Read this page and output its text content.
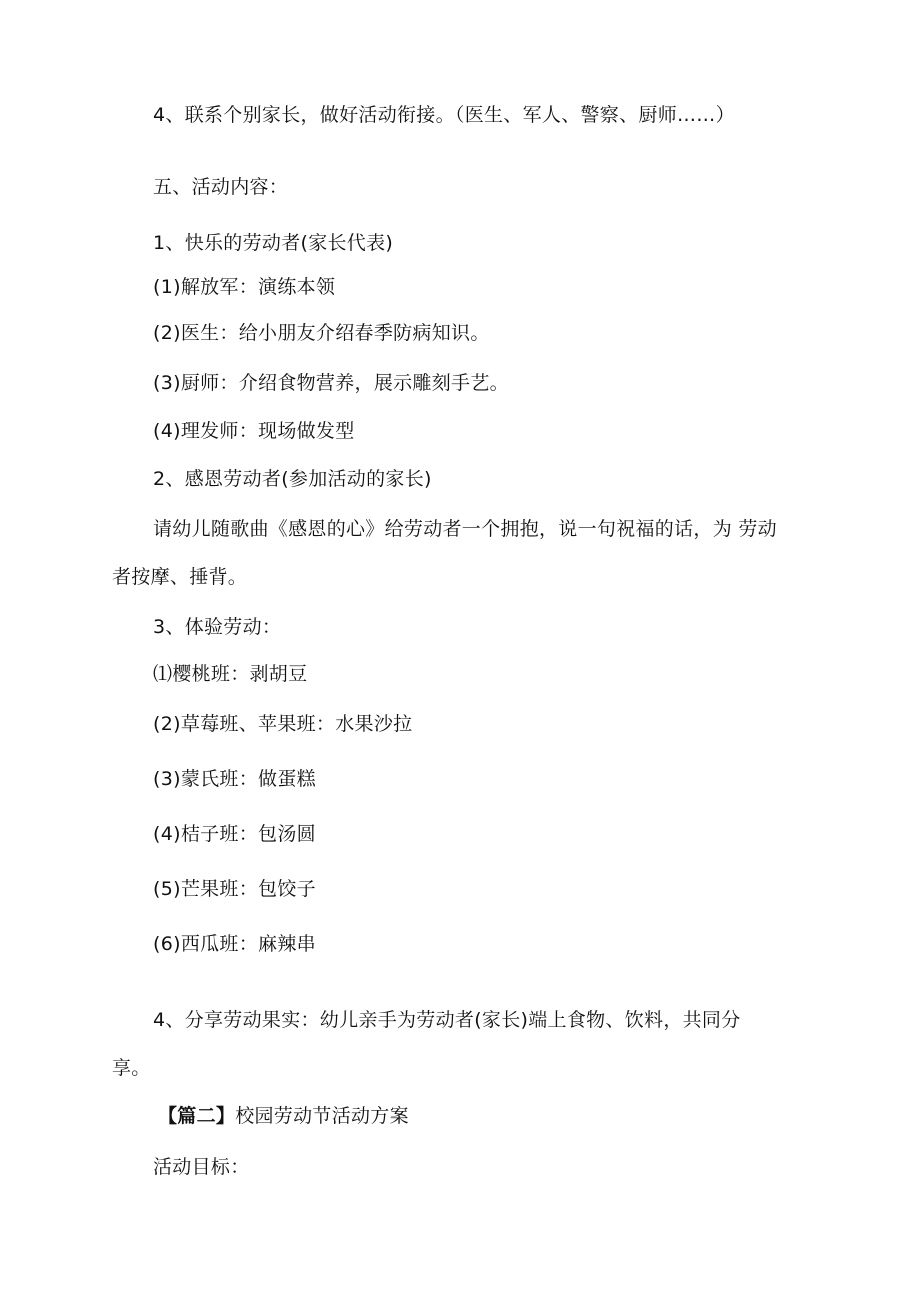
4、联系个别家长，做好活动衔接。（医生、军人、警察、厨师……）
五、活动内容：
1、快乐的劳动者(家长代表)
(1)解放军：演练本领
(2)医生：给小朋友介绍春季防病知识。
(3)厨师：介绍食物营养，展示雕刻手艺。
(4)理发师：现场做发型
2、感恩劳动者(参加活动的家长)
请幼儿随歌曲《感恩的心》给劳动者一个拥抱，说一句祝福的话，为 劳动
者按摩、捶背。
3、体验劳动：
⑴樱桃班：剥胡豆
(2)草莓班、苹果班：水果沙拉
(3)蒙氏班：做蛋糕
(4)桔子班：包汤圆
(5)芒果班：包饺子
(6)西瓜班：麻辣串
4、分享劳动果实：幼儿亲手为劳动者(家长)端上食物、饮料，共同分
享。
【篇二】校园劳动节活动方案
活动目标：
